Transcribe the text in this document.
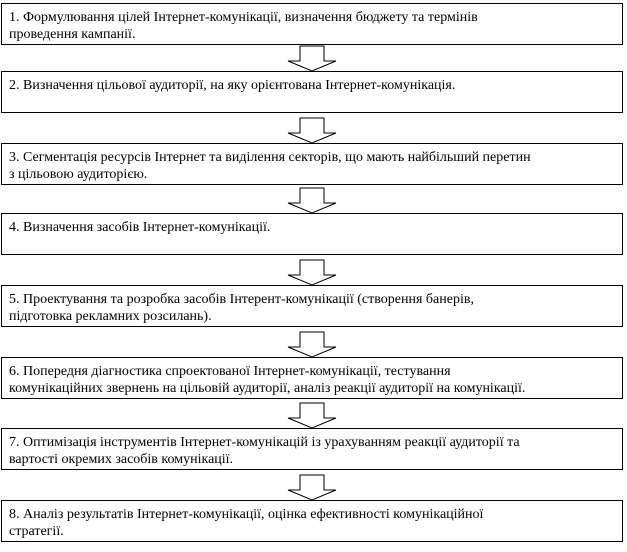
1. Формулювання цілей Інтернет-комунікації, визначення бюджету та термінів
проведення кампанії.
2. Визначення цільової аудиторії, на яку орієнтована Інтернет-комунікація.
3. Сегментація ресурсів Інтернет та виділення секторів, що мають найбільший перетин
з цільовою аудиторією.
4. Визначення засобів Інтернет-комунікації.
5. Проектування та розробка засобів Інтерент-комунікації (створення банерів,
підготовка рекламних розсилань).
6. Попередня діагностика спроектованої Інтернет-комунікації, тестування
комунікаційних звернень на цільовій аудиторії, аналіз реакції аудиторії на комунікації.
7. Оптимізація інструментів Інтернет-комунікацій із урахуванням реакції аудиторії та
вартості окремих засобів комунікації.
8. Аналіз результатів Інтернет-комунікації, оцінка ефективності комунікаційної
стратегії.
